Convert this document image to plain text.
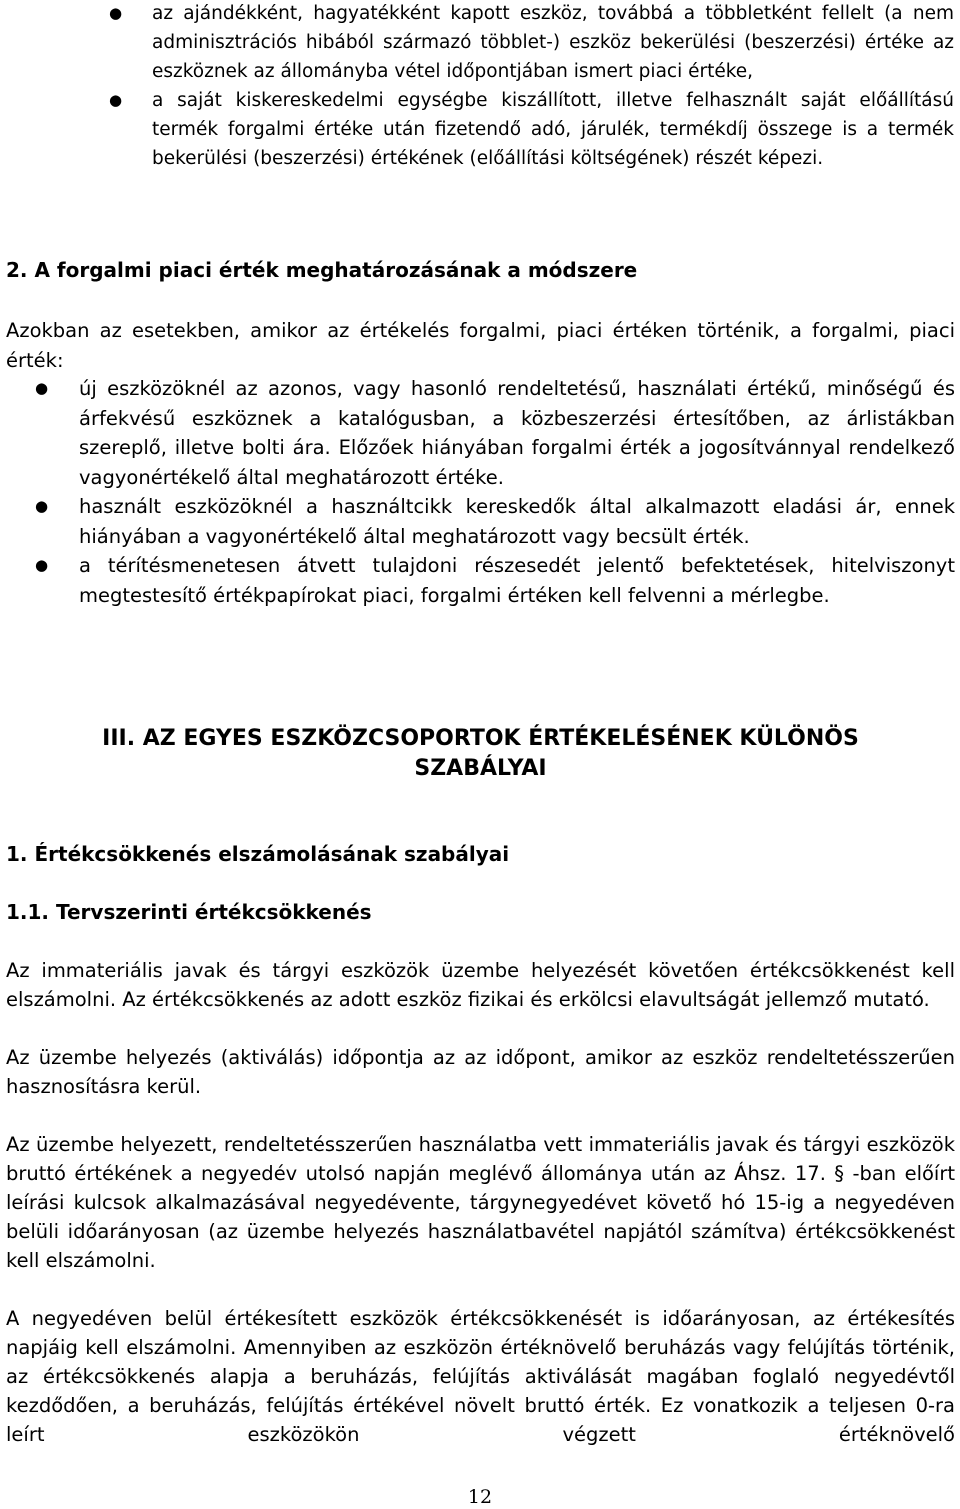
● az ajándékként, hagyatékként kapott eszköz, továbbá a többletként fellelt (a nem adminisztrációs hibából származó többlet-) eszköz bekerülési (beszerzési) értéke az eszköznek az állományba vétel időpontjában ismert piaci értéke,
● a saját kiskereskedelmi egységbe kiszállított, illetve felhasznált saját előállítású termék forgalmi értéke után fizetendő adó, járulék, termékdíj összege is a termék bekerülési (beszerzési) értékének (előállítási költségének) részét képezi.
2. A forgalmi piaci érték meghatározásának a módszere

Azokban az esetekben, amikor az értékelés forgalmi, piaci értéken történik, a forgalmi, piaci érték:

● új eszközöknél az azonos, vagy hasonló rendeltetésű, használati értékű, minőségű és árfekvésű eszköznek a katalógusban, a közbeszerzési értesítőben, az árlistákban szereplő, illetve bolti ára. Előzőek hiányában forgalmi érték a jogosítvánnyal rendelkező vagyonértékelő által meghatározott értéke.
● használt eszközöknél a használtcikk kereskedők által alkalmazott eladási ár, ennek hiányában a vagyonértékelő által meghatározott vagy becsült érték.
● a térítésmenetesen átvett tulajdoni részesedét jelentő befektetések, hitelviszonyt megtestesítő értékpapírokat piaci, forgalmi értéken kell felvenni a mérlegbe.
III. AZ EGYES ESZKÖZCSOPORTOK ÉRTÉKELÉSÉNEK KÜLÖNÖS
SZABÁLYAI
1. Értékcsökkenés elszámolásának szabályai
1.1. Tervszerinti értékcsökkenés

Az immateriális javak és tárgyi eszközök üzembe helyezését követően értékcsökkenést kell elszámolni. Az értékcsökkenés az adott eszköz fizikai és erkölcsi elavultságát jellemző mutató.

Az üzembe helyezés (aktiválás) időpontja az az időpont, amikor az eszköz rendeltetésszerűen hasznosításra kerül.

Az üzembe helyezett, rendeltetésszerűen használatba vett immateriális javak és tárgyi eszközök bruttó értékének a negyedév utolsó napján meglévő állománya után az Áhsz. 17. § -ban előírt leírási kulcsok alkalmazásával negyedévente, tárgynegyedévet követő hó 15-ig a negyedéven belüli időarányosan (az üzembe helyezés használatbavétel napjától számítva) értékcsökkenést kell elszámolni.

A negyedéven belül értékesített eszközök értékcsökkenését is időarányosan, az értékesítés napjáig kell elszámolni. Amennyiben az eszközön értéknövelő beruházás vagy felújítás történik, az értékcsökkenés alapja a beruházás, felújítás aktiválását magában foglaló negyedévtől kezdődően, a beruházás, felújítás értékével növelt bruttó érték. Ez vonatkozik a teljesen 0-ra leírt eszközökön végzett értéknövelő

12
